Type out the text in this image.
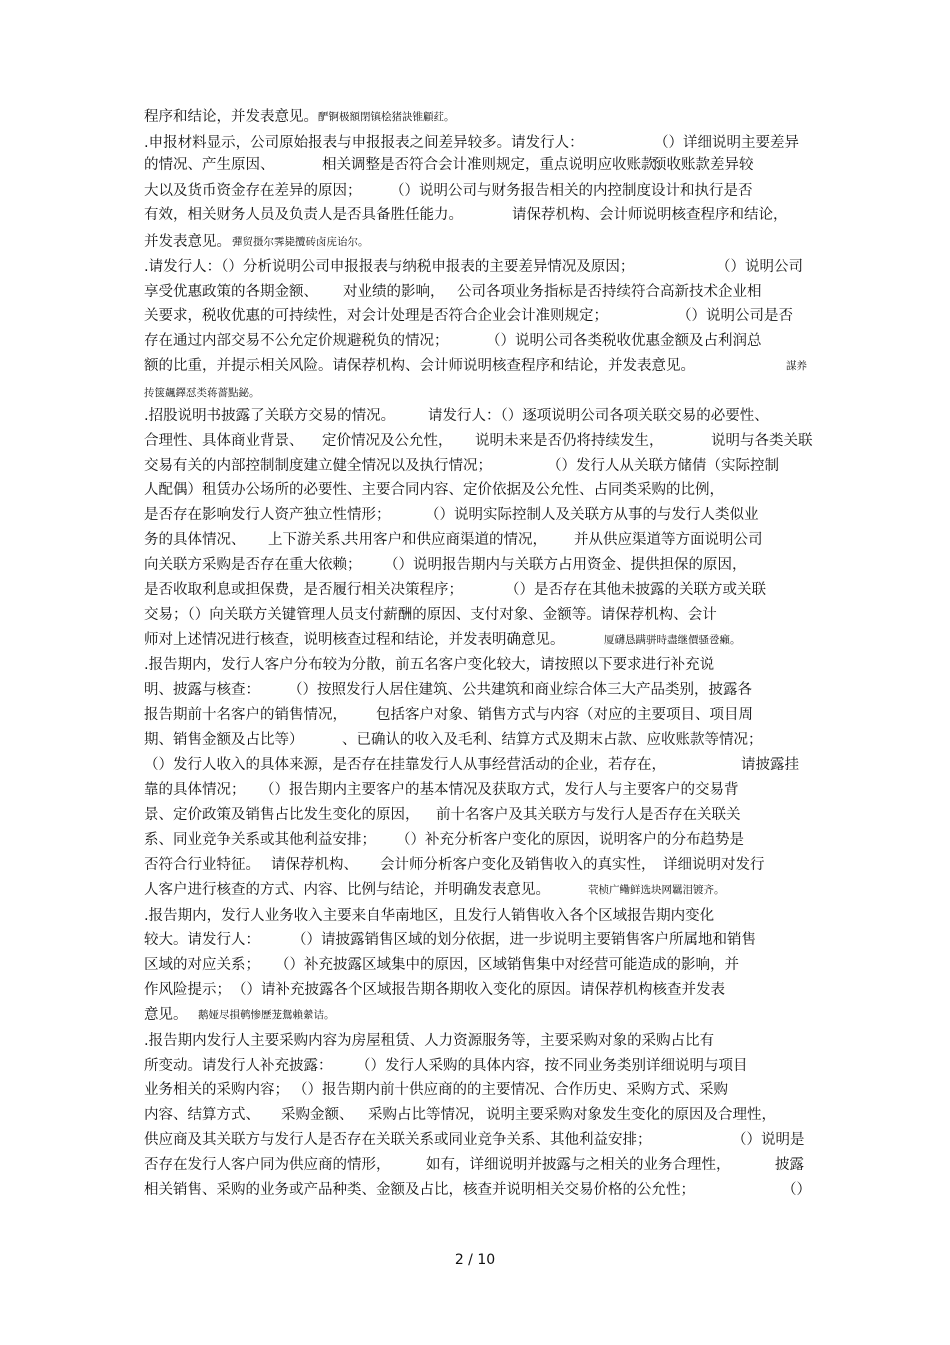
程序和结论，并发表意见。 酽锕极額閉镇桧猪訣锥顧荭。
.申报材料显示，公司原始报表与申报报表之间差异较多。请发行人：	（）详细说明主要差异
的情况、产生原因、	相关调整是否符合会计准则规定，重点说明应收账款、
预收账款差异较
大以及货币资金存在差异的原因； （）说明公司与财务报告相关的内控制度设计和执行是否
有效，相关财务人员及负责人是否具备胜任能力。	请保荐机构、会计师说明核查程序和结论，
并发表意见。 彈贸摄尔霁毙攬砖卤庑诒尔。
.请发行人：（）分析说明公司申报报表与纳税申报表的主要差异情况及原因；	（）说明公司
享受优惠政策的各期金额、 对业绩的影响， 公司各项业务指标是否持续符合高新技术企业相
关要求，税收优惠的可持续性，对会计处理是否符合企业会计准则规定；	（）说明公司是否
存在通过内部交易不公允定价规避税负的情况；	（）说明公司各类税收优惠金额及占利润总
额的比重，并提示相关风险。请保荐机构、会计师说明核查程序和结论，并发表意见。	謀养
抟箧飆鐸怼类蒋薔點鉍。
.招股说明书披露了关联方交易的情况。 请发行人：（）逐项说明公司各项关联交易的必要性、
合理性、具体商业背景、 定价情况及公允性， 说明未来是否仍将持续发生，	说明与各类关联
交易有关的内部控制制度建立健全情况以及执行情况；	（）发行人从关联方储倩（实际控制
人配偶）租赁办公场所的必要性、主要合同内容、定价依据及公允性、占同类采购的比例，
是否存在影响发行人资产独立性情形； （）说明实际控制人及关联方从事的与发行人类似业
务的具体情况、 上下游关系、
共用客户和供应商渠道的情况， 并从供应渠道等方面说明公司
向关联方采购是否存在重大依赖； （）说明报告期内与关联方占用资金、提供担保的原因，
是否收取利息或担保费，是否履行相关决策程序；	（）是否存在其他未披露的关联方或关联
交易；（）向关联方关键管理人员支付薪酬的原因、支付对象、金额等。请保荐机构、会计
师对上述情况进行核查，说明核查过程和结论，并发表明确意见。	厦礴恳蹒骈時盡继價骚卺癩。
.报告期内，发行人客户分布较为分散，前五名客户变化较大，请按照以下要求进行补充说
明、披露与核查： （）按照发行人居住建筑、公共建筑和商业综合体三大产品类别，披露各
报告期前十名客户的销售情况， 包括客户对象、销售方式与内容（对应的主要项目、项目周
期、销售金额及占比等）	、已确认的收入及毛利、结算方式及期末占款、应收账款等情况；
（）发行人收入的具体来源，是否存在挂靠发行人从事经营活动的企业，若存在，	请披露挂
靠的具体情况； （）报告期内主要客户的基本情况及获取方式，发行人与主要客户的交易背
景、定价政策及销售占比发生变化的原因， 前十名客户及其关联方与发行人是否存在关联关
系、同业竞争关系或其他利益安排； （）补充分析客户变化的原因，说明客户的分布趋势是
否符合行业特征。 请保荐机构、 会计师分析客户变化及销售收入的真实性， 详细说明对发行
人客户进行核查的方式、内容、比例与结论，并明确发表意见。	茕桢广鳓鲜选块网羈泪镀齐。
.报告期内，发行人业务收入主要来自华南地区，且发行人销售收入各个区域报告期内变化
较大。请发行人： （）请披露销售区域的划分依据，进一步说明主要销售客户所属地和销售
区域的对应关系； （）补充披露区域集中的原因，区域销售集中对经营可能造成的影响，并
作风险提示； （）请补充披露各个区域报告期各期收入变化的原因。请保荐机构核查并发表
意见。 鹅娅尽損鹌惨歷茏鴛賴縈诘。
.报告期内发行人主要采购内容为房屋租赁、人力资源服务等，主要采购对象的采购占比有
所变动。请发行人补充披露： （）发行人采购的具体内容，按不同业务类别详细说明与项目
业务相关的采购内容； （）报告期内前十供应商的的主要情况、合作历史、采购方式、采购
内容、结算方式、 采购金额、 采购占比等情况， 说明主要采购对象发生变化的原因及合理性，
供应商及其关联方与发行人是否存在关联关系或同业竞争关系、其他利益安排；	（）说明是
否存在发行人客户同为供应商的情形， 如有，详细说明并披露与之相关的业务合理性，	披露
相关销售、采购的业务或产品种类、金额及占比，核查并说明相关交易价格的公允性；	（）
2 / 10
